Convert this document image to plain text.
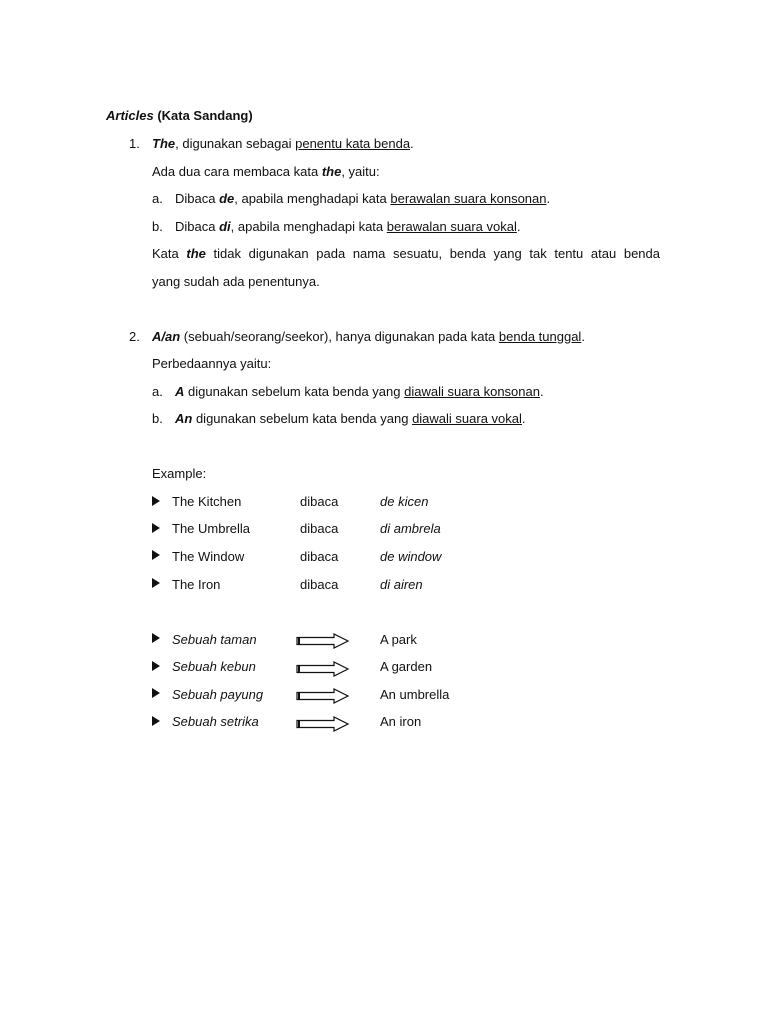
Articles (Kata Sandang)
1. The, digunakan sebagai penentu kata benda.
Ada dua cara membaca kata the, yaitu:
a. Dibaca de, apabila menghadapi kata berawalan suara konsonan.
b. Dibaca di, apabila menghadapi kata berawalan suara vokal.
Kata the tidak digunakan pada nama sesuatu, benda yang tak tentu atau benda
yang sudah ada penentunya.
2. A/an (sebuah/seorang/seekor), hanya digunakan pada kata benda tunggal.
Perbedaannya yaitu:
a. A digunakan sebelum kata benda yang diawali suara konsonan.
b. An digunakan sebelum kata benda yang diawali suara vokal.
Example:
The Kitchen	dibaca	de kicen
The Umbrella	dibaca	di ambrela
The Window	dibaca	de window
The Iron	dibaca	di airen
Sebuah taman	A park
Sebuah kebun	A garden
Sebuah payung	An umbrella
Sebuah setrika	An iron
